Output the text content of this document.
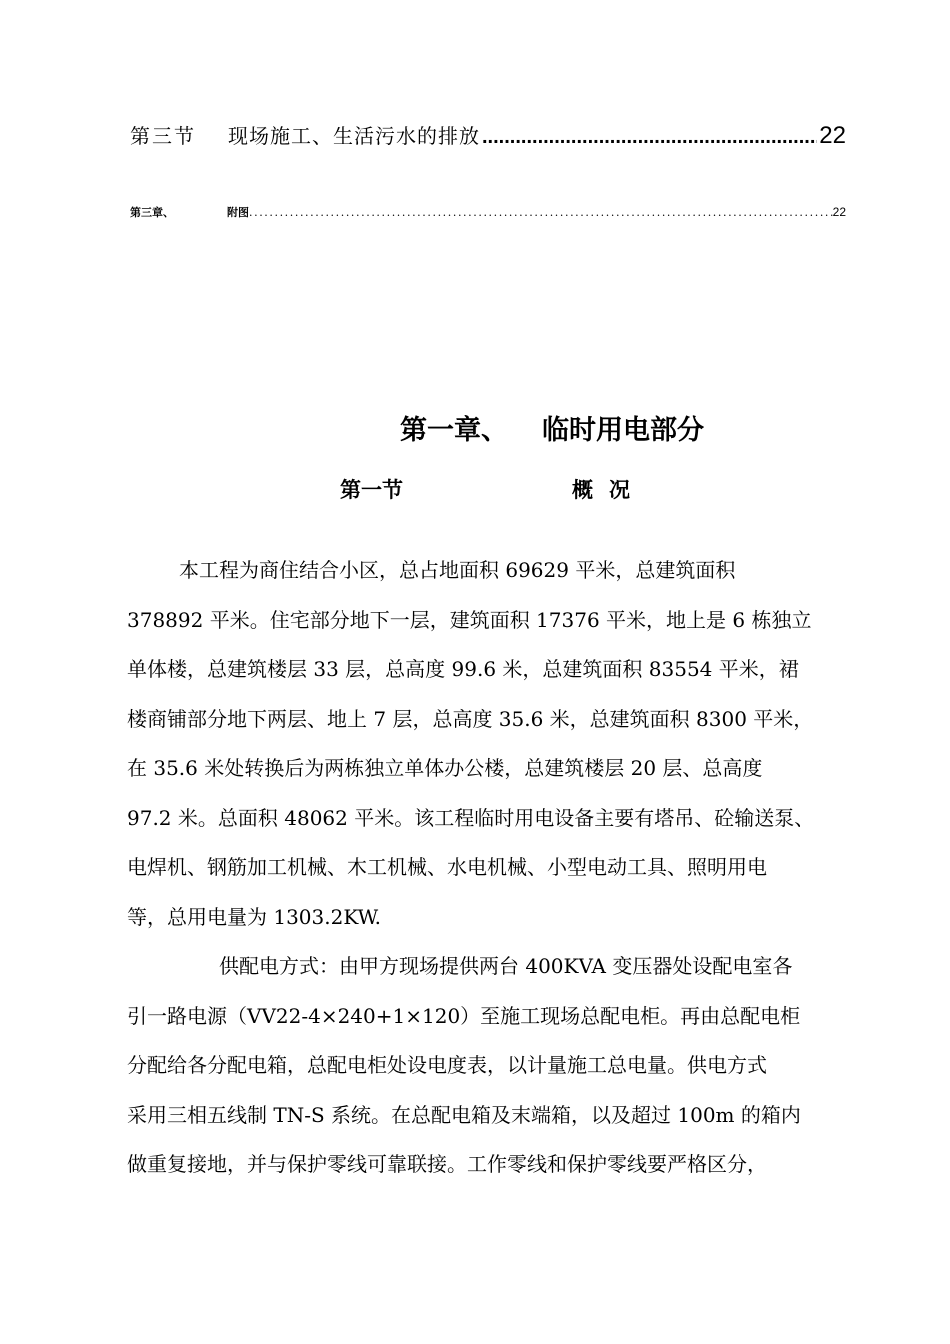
第三节	现场施工、生活污水的排放 .....	22
第三章、	附图 .....	22
第一章、 临时用电部分
第一节	概况
本工程为商住结合小区，总占地面积 69629 平米，总建筑面积
378892 平米。住宅部分地下一层，建筑面积 17376 平米，地上是 6 栋独立
单体楼，总建筑楼层 33 层，总高度 99.6 米，总建筑面积 83554 平米，裙
楼商铺部分地下两层、地上 7 层，总高度 35.6 米，总建筑面积 8300 平米，
在 35.6 米处转换后为两栋独立单体办公楼，总建筑楼层 20 层、总高度
97.2 米。总面积 48062 平米。该工程临时用电设备主要有塔吊、砼输送泵、
电焊机、钢筋加工机械、木工机械、水电机械、小型电动工具、照明用电
等，总用电量为 1303.2KW.
供配电方式：由甲方现场提供两台 400KVA 变压器处设配电室各
引一路电源（VV22-4×240+1×120）至施工现场总配电柜。再由总配电柜
分配给各分配电箱，总配电柜处设电度表，以计量施工总电量。供电方式
采用三相五线制 TN-S 系统。在总配电箱及末端箱，以及超过 100m 的箱内
做重复接地，并与保护零线可靠联接。工作零线和保护零线要严格区分，
